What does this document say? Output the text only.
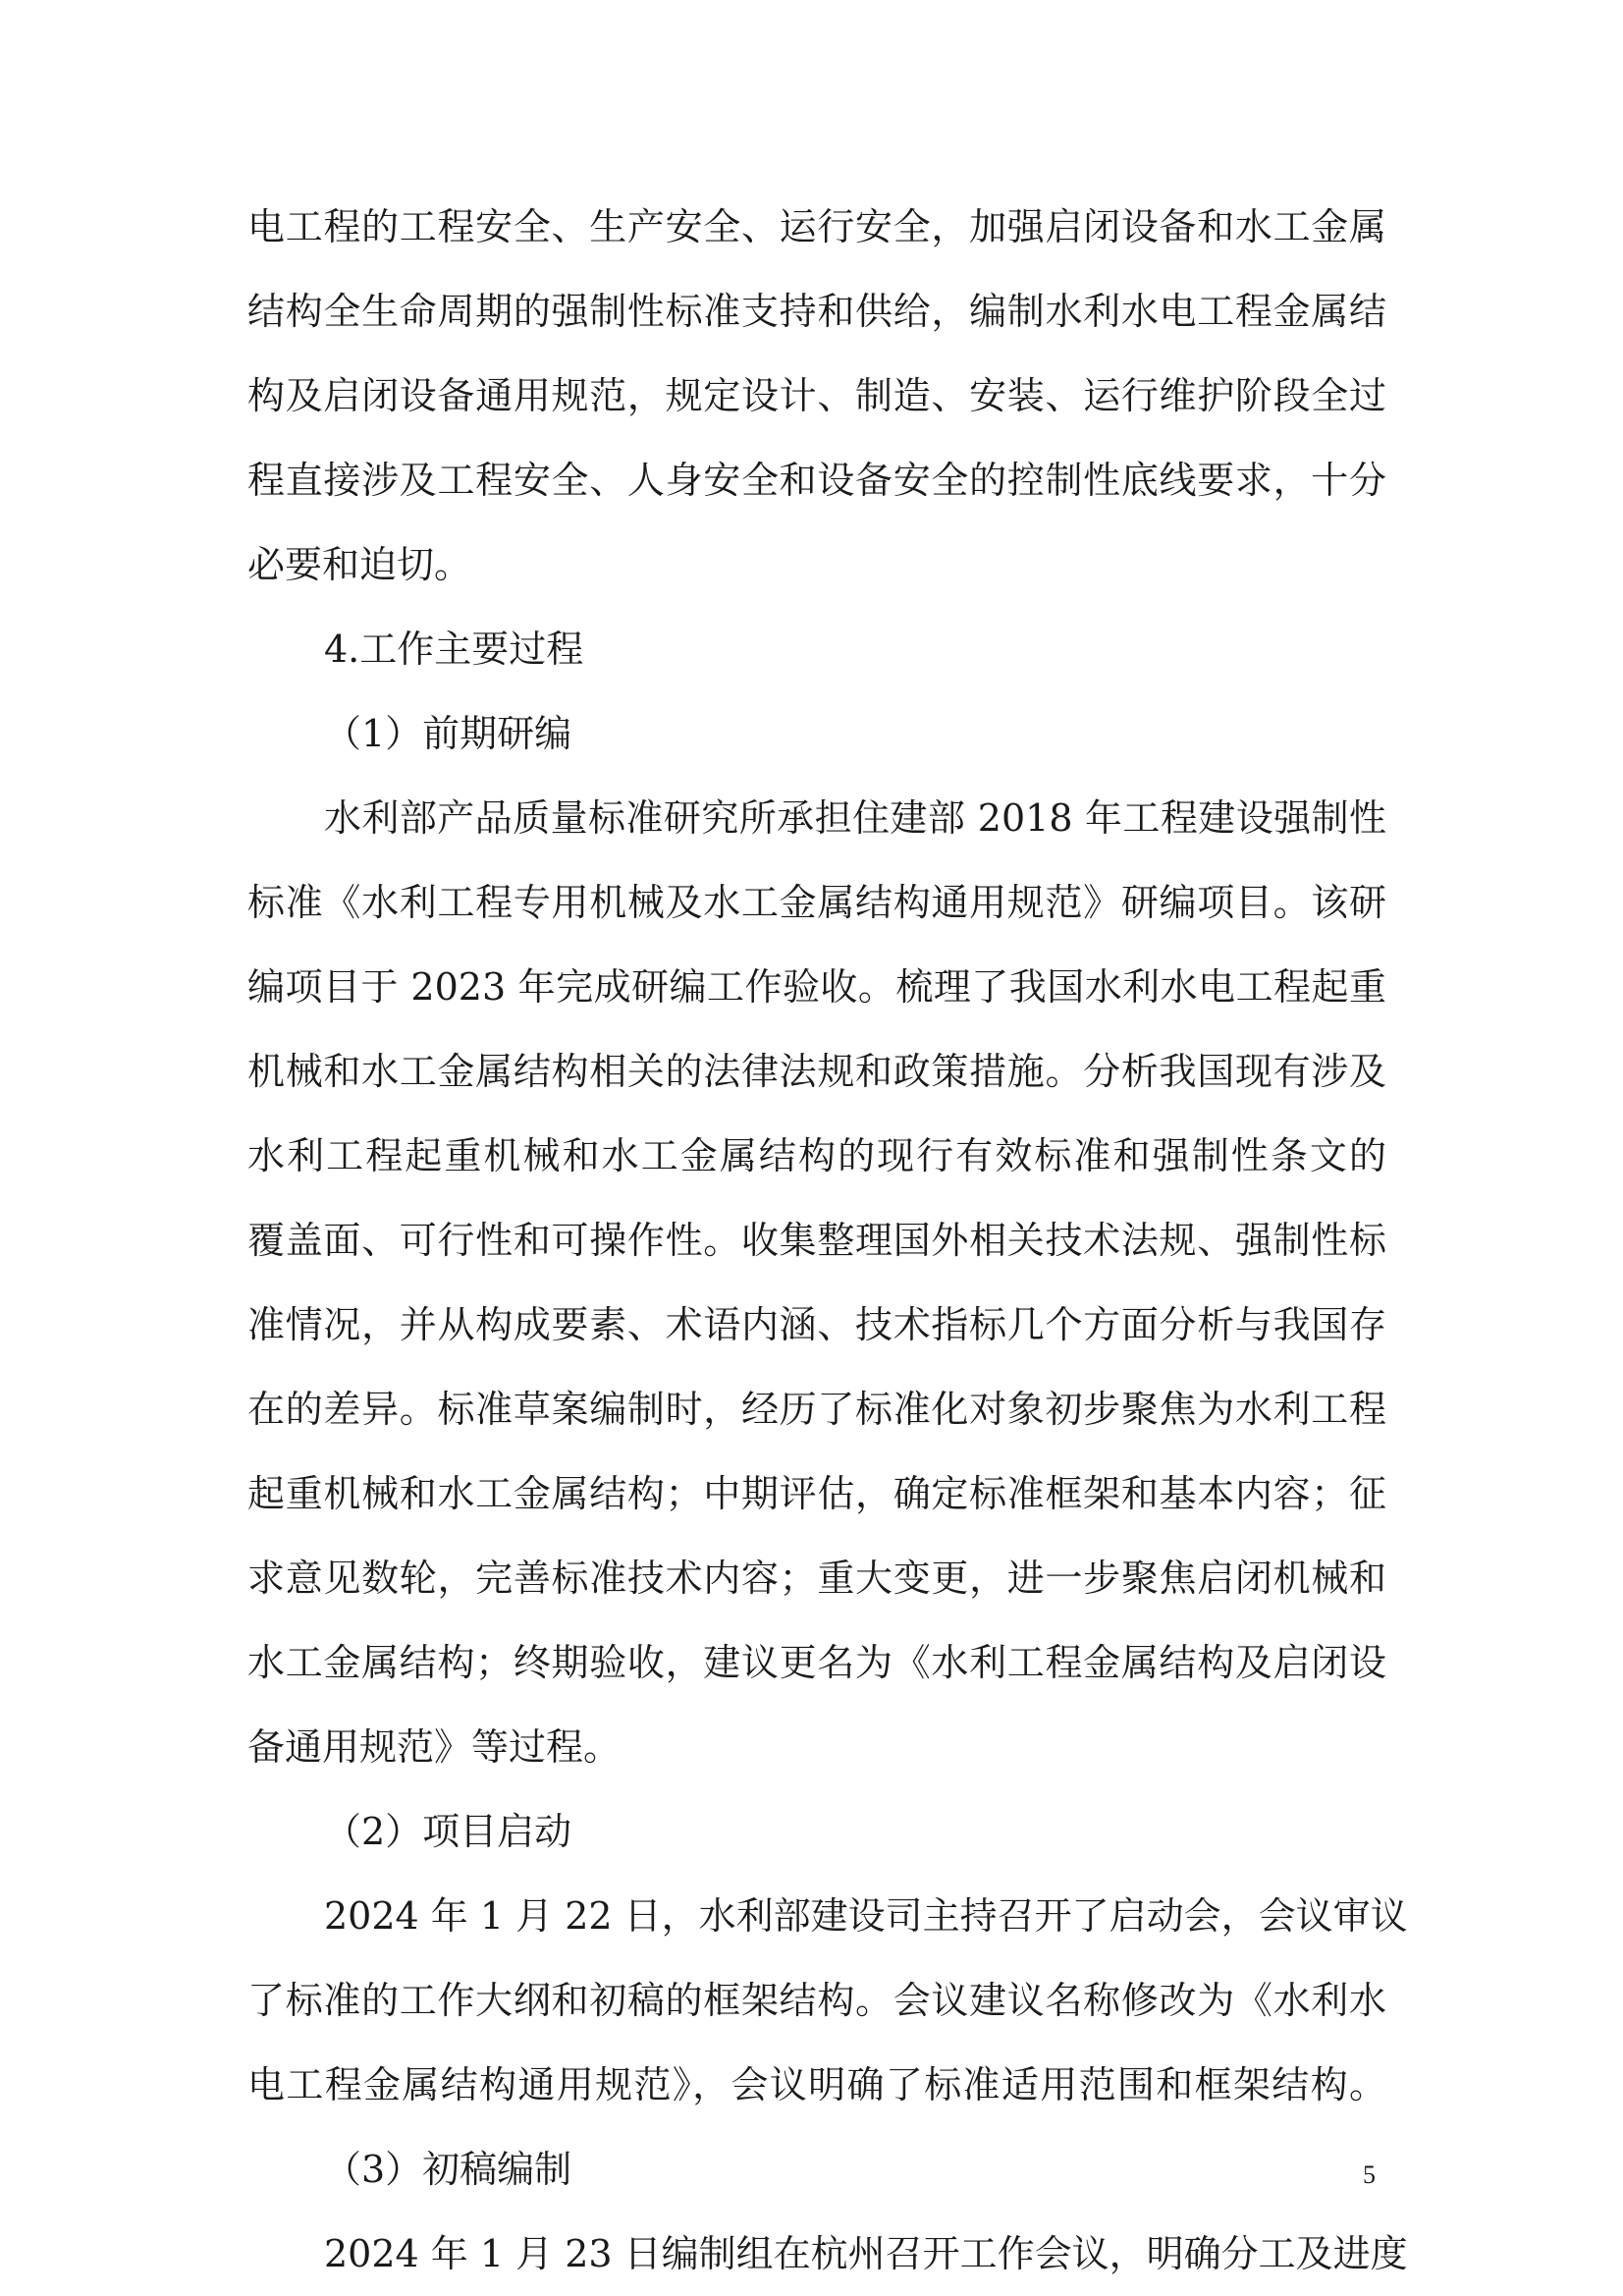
电工程的工程安全、生产安全、运行安全，加强启闭设备和水工金属
结构全生命周期的强制性标准支持和供给，编制水利水电工程金属结
构及启闭设备通用规范，规定设计、制造、安装、运行维护阶段全过
程直接涉及工程安全、人身安全和设备安全的控制性底线要求，十分
必要和迫切。
4.工作主要过程
（1）前期研编
水利部产品质量标准研究所承担住建部 2018 年工程建设强制性
标准《水利工程专用机械及水工金属结构通用规范》研编项目。该研
编项目于 2023 年完成研编工作验收。梳理了我国水利水电工程起重
机械和水工金属结构相关的法律法规和政策措施。分析我国现有涉及
水利工程起重机械和水工金属结构的现行有效标准和强制性条文的
覆盖面、可行性和可操作性。收集整理国外相关技术法规、强制性标
准情况，并从构成要素、术语内涵、技术指标几个方面分析与我国存
在的差异。标准草案编制时，经历了标准化对象初步聚焦为水利工程
起重机械和水工金属结构；中期评估，确定标准框架和基本内容；征
求意见数轮，完善标准技术内容；重大变更，进一步聚焦启闭机械和
水工金属结构；终期验收，建议更名为《水利工程金属结构及启闭设
备通用规范》等过程。
（2）项目启动
2024 年 1 月 22 日，水利部建设司主持召开了启动会，会议审议
了标准的工作大纲和初稿的框架结构。会议建议名称修改为《水利水
电工程金属结构通用规范》，会议明确了标准适用范围和框架结构。
（3）初稿编制
2024 年 1 月 23 日编制组在杭州召开工作会议，明确分工及进度
5
